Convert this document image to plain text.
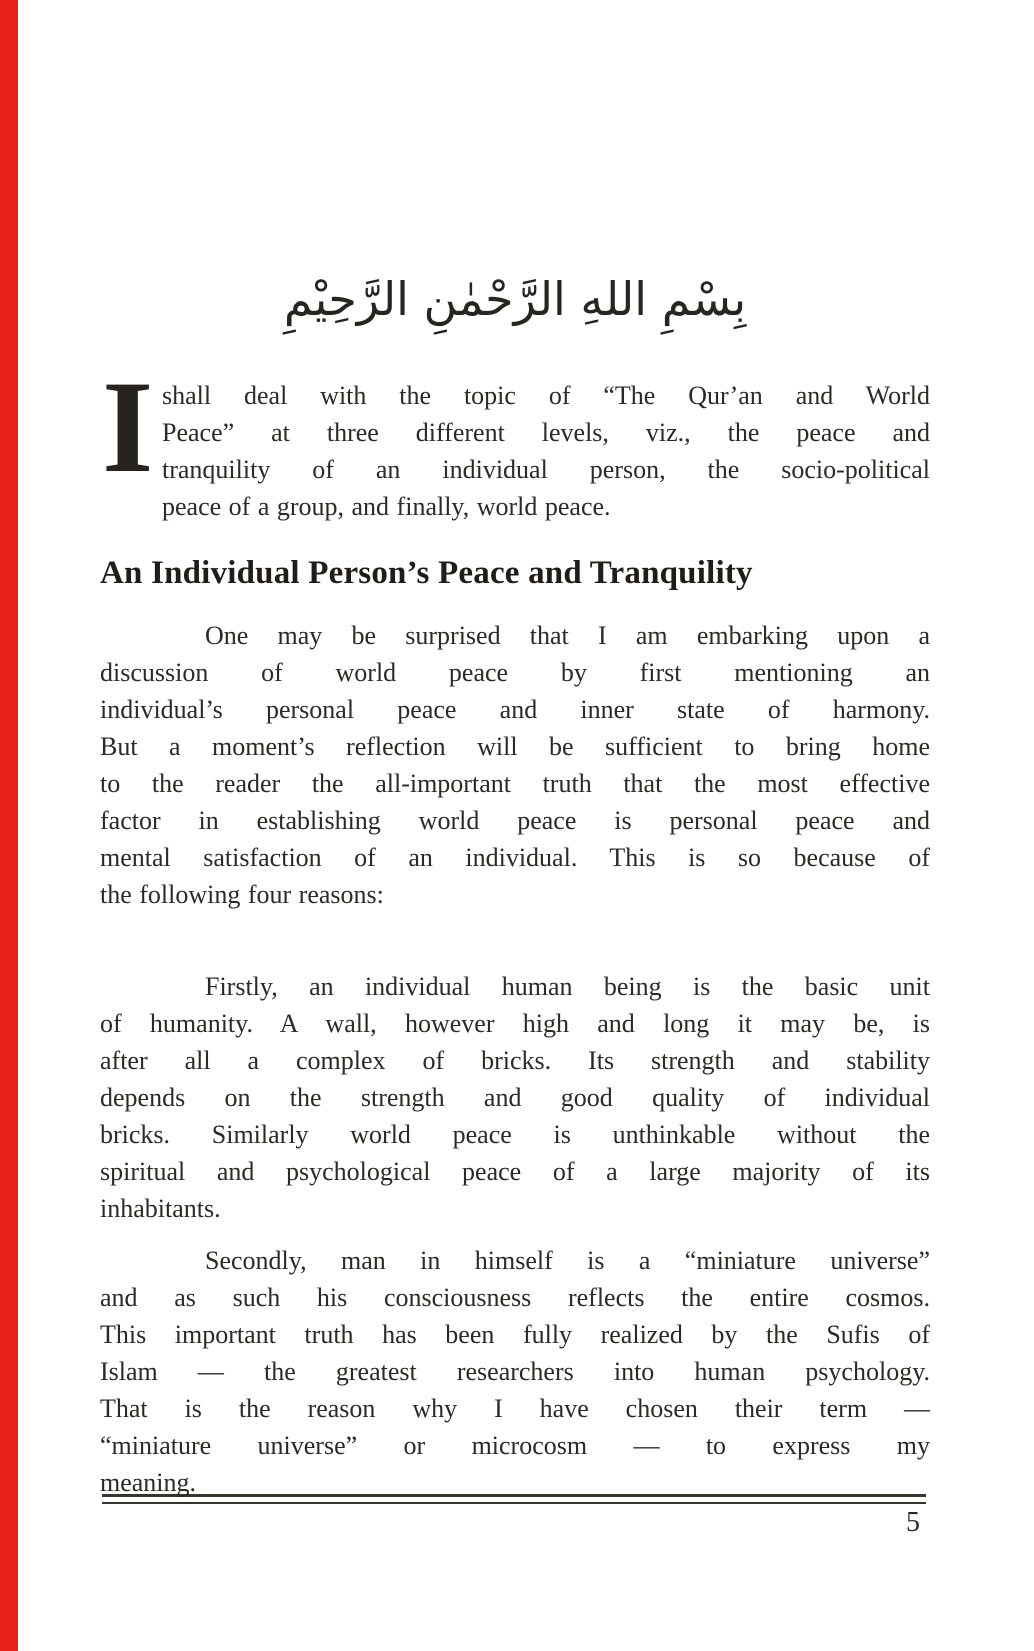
بِسْمِ اللهِ الرَّحْمٰنِ الرَّحِيْمِ
I shall deal with the topic of “The Qur’an and World
Peace” at three different levels, viz., the peace and
tranquility of an individual person, the socio-political
peace of a group, and finally, world peace.
An Individual Person’s Peace and Tranquility
One may be surprised that I am embarking upon a
discussion of world peace by first mentioning an
individual’s personal peace and inner state of harmony.
But a moment’s reflection will be sufficient to bring home
to the reader the all-important truth that the most effective
factor in establishing world peace is personal peace and
mental satisfaction of an individual. This is so because of
the following four reasons:
Firstly, an individual human being is the basic unit
of humanity. A wall, however high and long it may be, is
after all a complex of bricks. Its strength and stability
depends on the strength and good quality of individual
bricks. Similarly world peace is unthinkable without the
spiritual and psychological peace of a large majority of its
inhabitants.
Secondly, man in himself is a “miniature universe”
and as such his consciousness reflects the entire cosmos.
This important truth has been fully realized by the Sufis of
Islam — the greatest researchers into human psychology.
That is the reason why I have chosen their term —
“miniature universe” or microcosm — to express my
meaning.
5
